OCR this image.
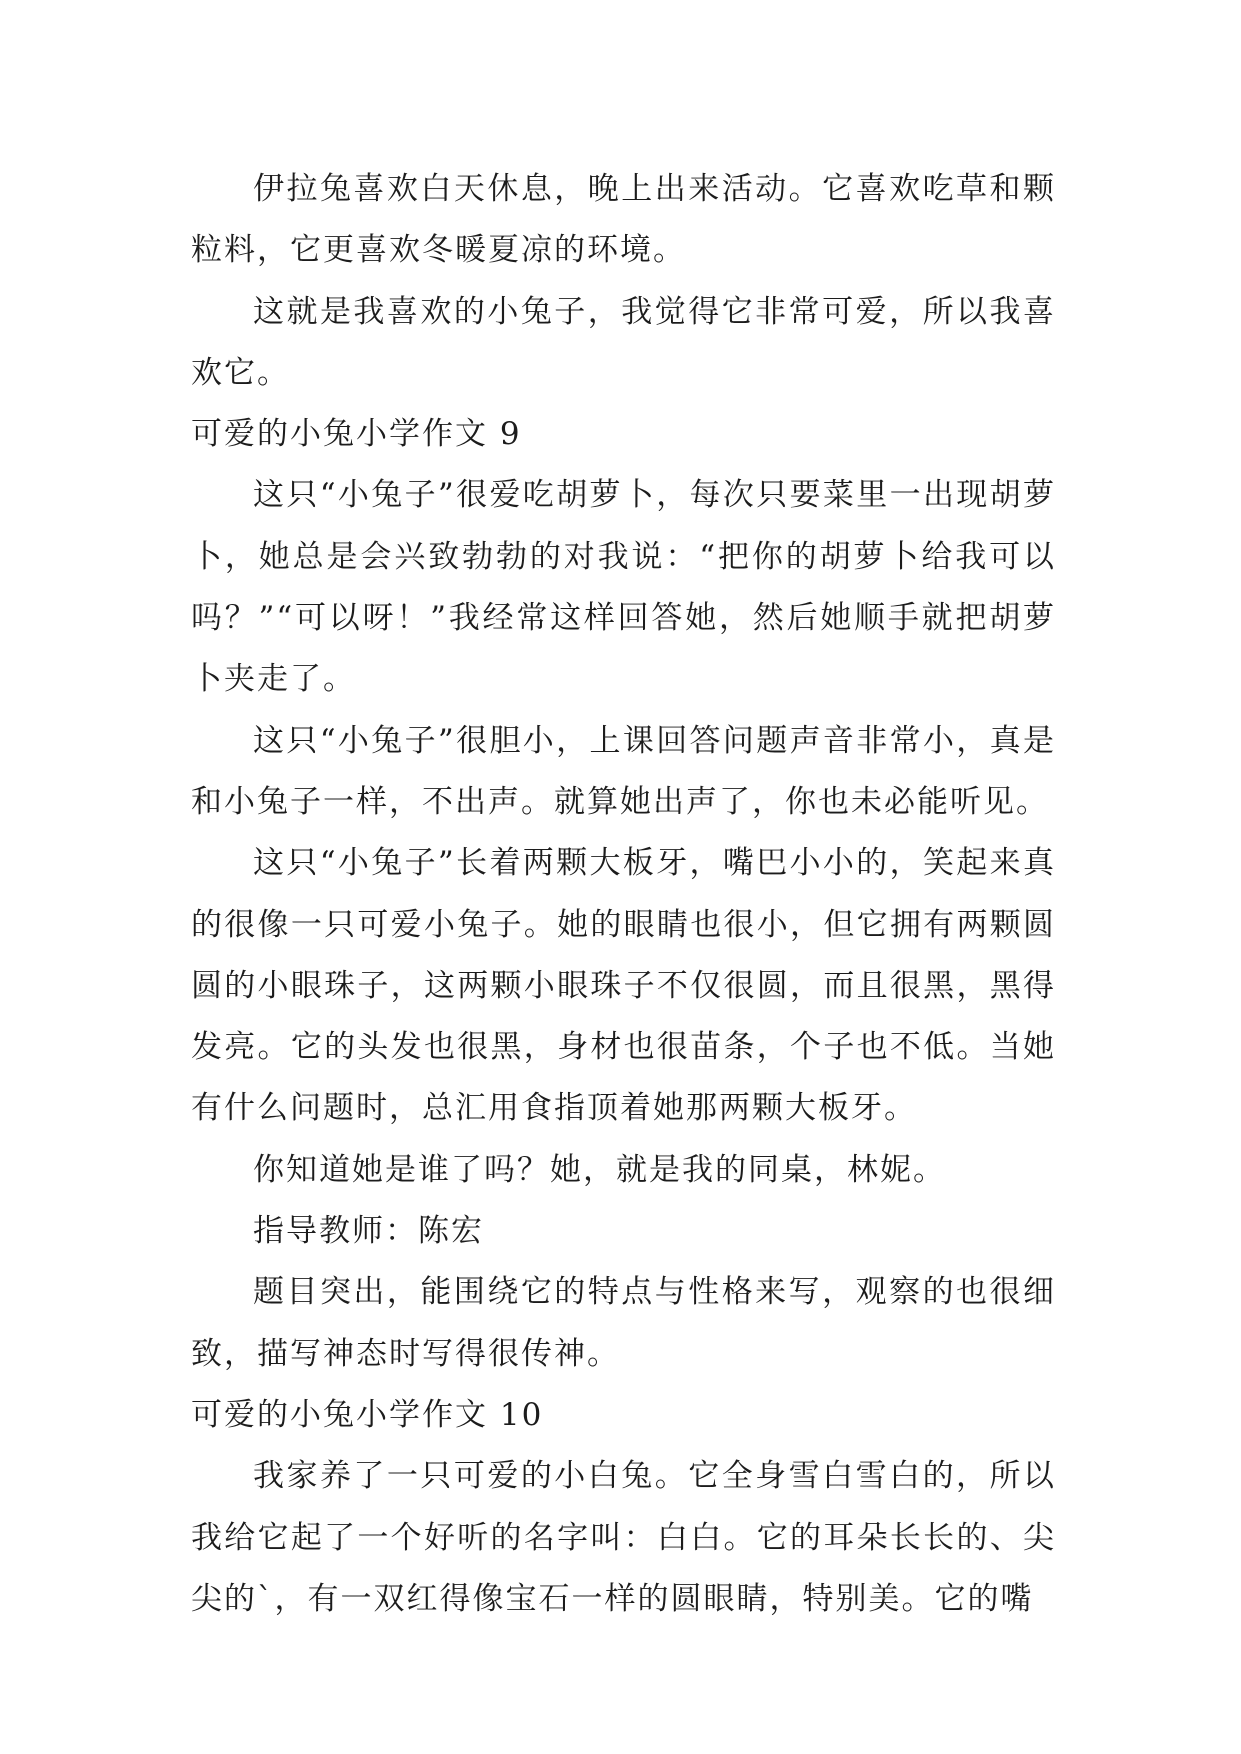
伊拉兔喜欢白天休息，晚上出来活动。它喜欢吃草和颗粒料，它更喜欢冬暖夏凉的环境。

这就是我喜欢的小兔子，我觉得它非常可爱，所以我喜欢它。

可爱的小兔小学作文 9

这只“小兔子”很爱吃胡萝卜，每次只要菜里一出现胡萝卜，她总是会兴致勃勃的对我说：“把你的胡萝卜给我可以吗？”“可以呀！”我经常这样回答她，然后她顺手就把胡萝卜夹走了。

这只“小兔子”很胆小，上课回答问题声音非常小，真是和小兔子一样，不出声。就算她出声了，你也未必能听见。

这只“小兔子”长着两颗大板牙，嘴巴小小的，笑起来真的很像一只可爱小兔子。她的眼睛也很小，但它拥有两颗圆圆的小眼珠子，这两颗小眼珠子不仅很圆，而且很黑，黑得发亮。它的头发也很黑，身材也很苗条，个子也不低。当她有什么问题时，总汇用食指顶着她那两颗大板牙。

你知道她是谁了吗？她，就是我的同桌，林妮。

指导教师：陈宏

题目突出，能围绕它的特点与性格来写，观察的也很细致，描写神态时写得很传神。

可爱的小兔小学作文 10

我家养了一只可爱的小白兔。它全身雪白雪白的，所以我给它起了一个好听的名字叫：白白。它的耳朵长长的、尖尖的`，有一双红得像宝石一样的圆眼睛，特别美。它的嘴
